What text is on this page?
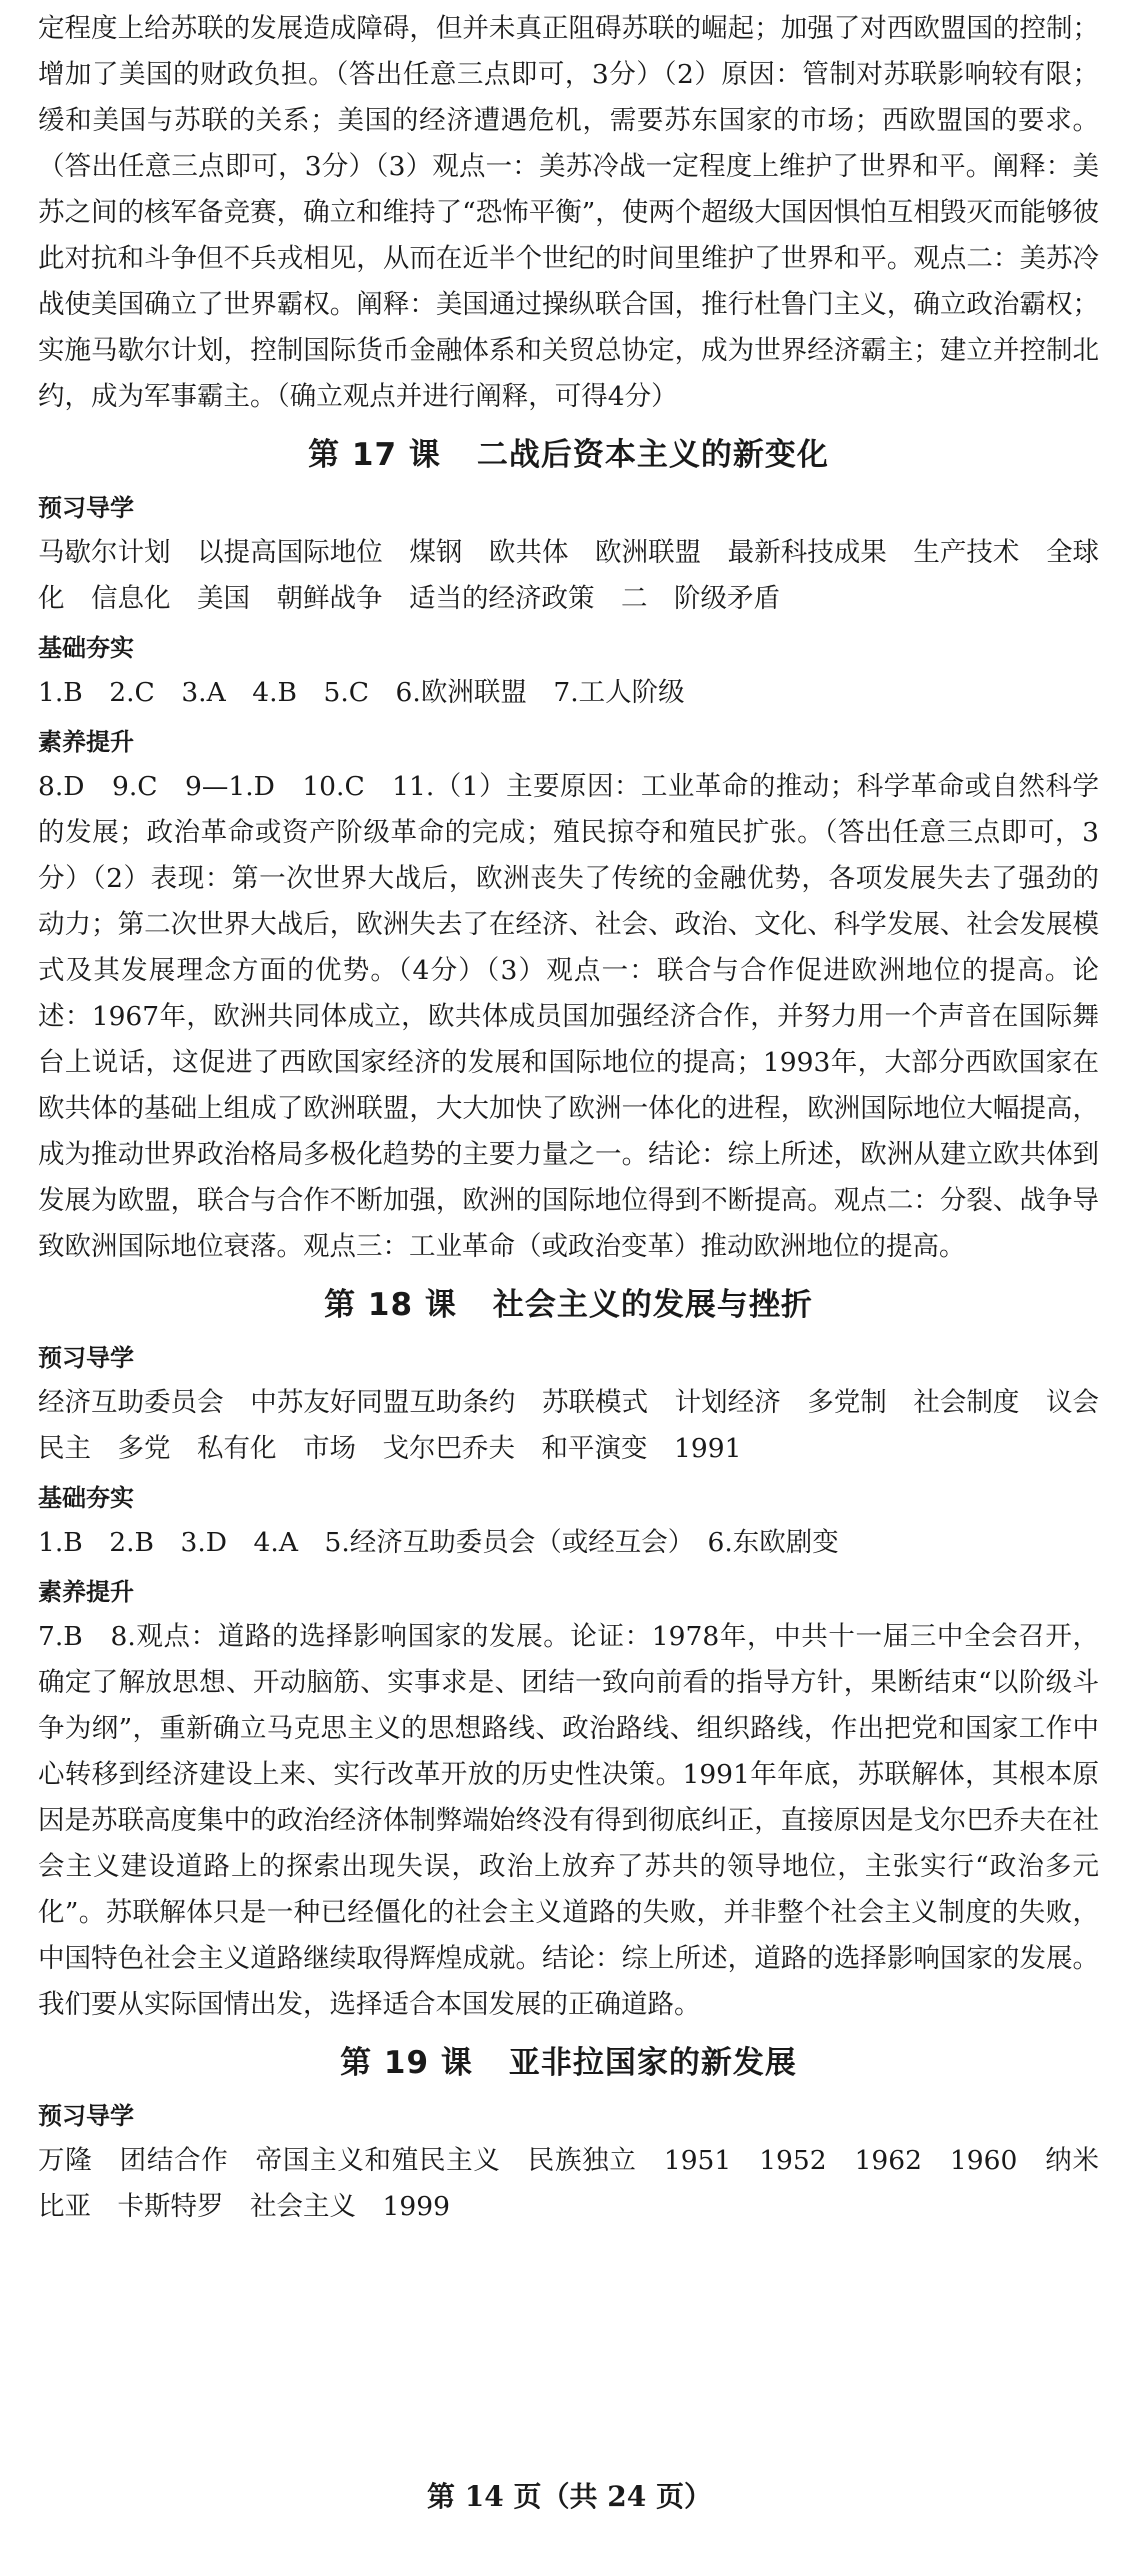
定程度上给苏联的发展造成障碍，但并未真正阻碍苏联的崛起；加强了对西欧盟国的控制；增加了美国的财政负担。（答出任意三点即可，3分）（2）原因：管制对苏联影响较有限；缓和美国与苏联的关系；美国的经济遭遇危机，需要苏东国家的市场；西欧盟国的要求。（答出任意三点即可，3分）（3）观点一：美苏冷战一定程度上维护了世界和平。阐释：美苏之间的核军备竞赛，确立和维持了“恐怖平衡”，使两个超级大国因惧怕互相毁灭而能够彼此对抗和斗争但不兵戎相见，从而在近半个世纪的时间里维护了世界和平。观点二：美苏冷战使美国确立了世界霸权。阐释：美国通过操纵联合国，推行杜鲁门主义，确立政治霸权；实施马歇尔计划，控制国际货币金融体系和关贸总协定，成为世界经济霸主；建立并控制北约，成为军事霸主。（确立观点并进行阐释，可得4分）

第 17 课 二战后资本主义的新变化
预习导学

马歇尔计划　以提高国际地位　煤钢　欧共体　欧洲联盟　最新科技成果　生产技术　全球化　信息化　美国　朝鲜战争　适当的经济政策　二　阶级矛盾

基础夯实

1.B　2.C　3.A　4.B　5.C　6.欧洲联盟　7.工人阶级

素养提升

8.D　9.C　9—1.D　10.C　11.（1）主要原因：工业革命的推动；科学革命或自然科学的发展；政治革命或资产阶级革命的完成；殖民掠夺和殖民扩张。（答出任意三点即可，3分）（2）表现：第一次世界大战后，欧洲丧失了传统的金融优势，各项发展失去了强劲的动力；第二次世界大战后，欧洲失去了在经济、社会、政治、文化、科学发展、社会发展模式及其发展理念方面的优势。（4分）（3）观点一：联合与合作促进欧洲地位的提高。论述：1967年，欧洲共同体成立，欧共体成员国加强经济合作，并努力用一个声音在国际舞台上说话，这促进了西欧国家经济的发展和国际地位的提高；1993年，大部分西欧国家在欧共体的基础上组成了欧洲联盟，大大加快了欧洲一体化的进程，欧洲国际地位大幅提高，成为推动世界政治格局多极化趋势的主要力量之一。结论：综上所述，欧洲从建立欧共体到发展为欧盟，联合与合作不断加强，欧洲的国际地位得到不断提高。观点二：分裂、战争导致欧洲国际地位衰落。观点三：工业革命（或政治变革）推动欧洲地位的提高。

第 18 课 社会主义的发展与挫折
预习导学

经济互助委员会　中苏友好同盟互助条约　苏联模式　计划经济　多党制　社会制度　议会民主　多党　私有化　市场　戈尔巴乔夫　和平演变　1991

基础夯实

1.B　2.B　3.D　4.A　5.经济互助委员会（或经互会）　6.东欧剧变

素养提升

7.B　8.观点：道路的选择影响国家的发展。论证：1978年，中共十一届三中全会召开，确定了解放思想、开动脑筋、实事求是、团结一致向前看的指导方针，果断结束“以阶级斗争为纲”，重新确立马克思主义的思想路线、政治路线、组织路线，作出把党和国家工作中心转移到经济建设上来、实行改革开放的历史性决策。1991年年底，苏联解体，其根本原因是苏联高度集中的政治经济体制弊端始终没有得到彻底纠正，直接原因是戈尔巴乔夫在社会主义建设道路上的探索出现失误，政治上放弃了苏共的领导地位，主张实行“政治多元化”。苏联解体只是一种已经僵化的社会主义道路的失败，并非整个社会主义制度的失败，中国特色社会主义道路继续取得辉煌成就。结论：综上所述，道路的选择影响国家的发展。我们要从实际国情出发，选择适合本国发展的正确道路。

第 19 课 亚非拉国家的新发展
预习导学

万隆　团结合作　帝国主义和殖民主义　民族独立　1951　1952　1962　1960　纳米比亚　卡斯特罗　社会主义　1999

第 14 页（共 24 页）
